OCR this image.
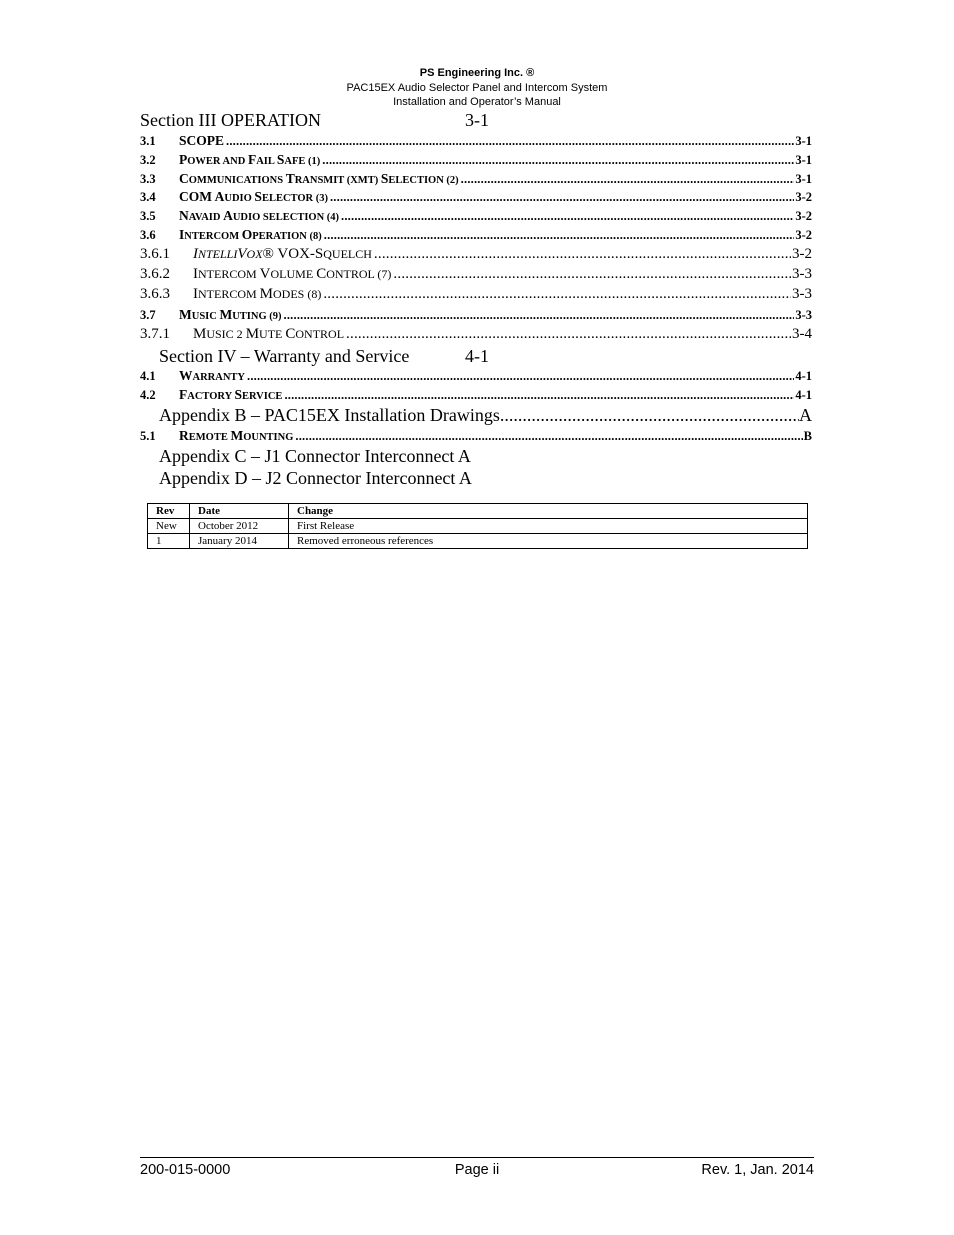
PS Engineering Inc. ®
PAC15EX Audio Selector Panel and Intercom System
Installation and Operator’s Manual
Section III OPERATION	3-1
3.1	SCOPE .....	3-1
3.2	POWER AND FAIL SAFE (1) .....	3-1
3.3	COMMUNICATIONS TRANSMIT (XMT) SELECTION (2) .....	3-1
3.4	COM AUDIO SELECTOR (3) .....	3-2
3.5	NAVAID AUDIO SELECTION (4) .....	3-2
3.6	INTERCOM OPERATION (8) .....	3-2
3.6.1	INTELLIVOX® VOX-SQUELCH .....	3-2
3.6.2	INTERCOM VOLUME CONTROL (7) .....	3-3
3.6.3	INTERCOM MODES (8) .....	3-3
3.7	MUSIC MUTING (9) .....	3-3
3.7.1	MUSIC 2 MUTE CONTROL .....	3-4
Section IV – Warranty and Service	4-1
4.1	WARRANTY .....	4-1
4.2	FACTORY SERVICE .....	4-1
Appendix B – PAC15EX Installation Drawings .....	A
5.1	REMOTE MOUNTING .....	B
Appendix C – J1 Connector Interconnect A
Appendix D – J2 Connector Interconnect A
Rev	Date	Change
New	October 2012	First Release
1	January 2014	Removed erroneous references
200-015-0000	Page ii	Rev. 1, Jan. 2014
